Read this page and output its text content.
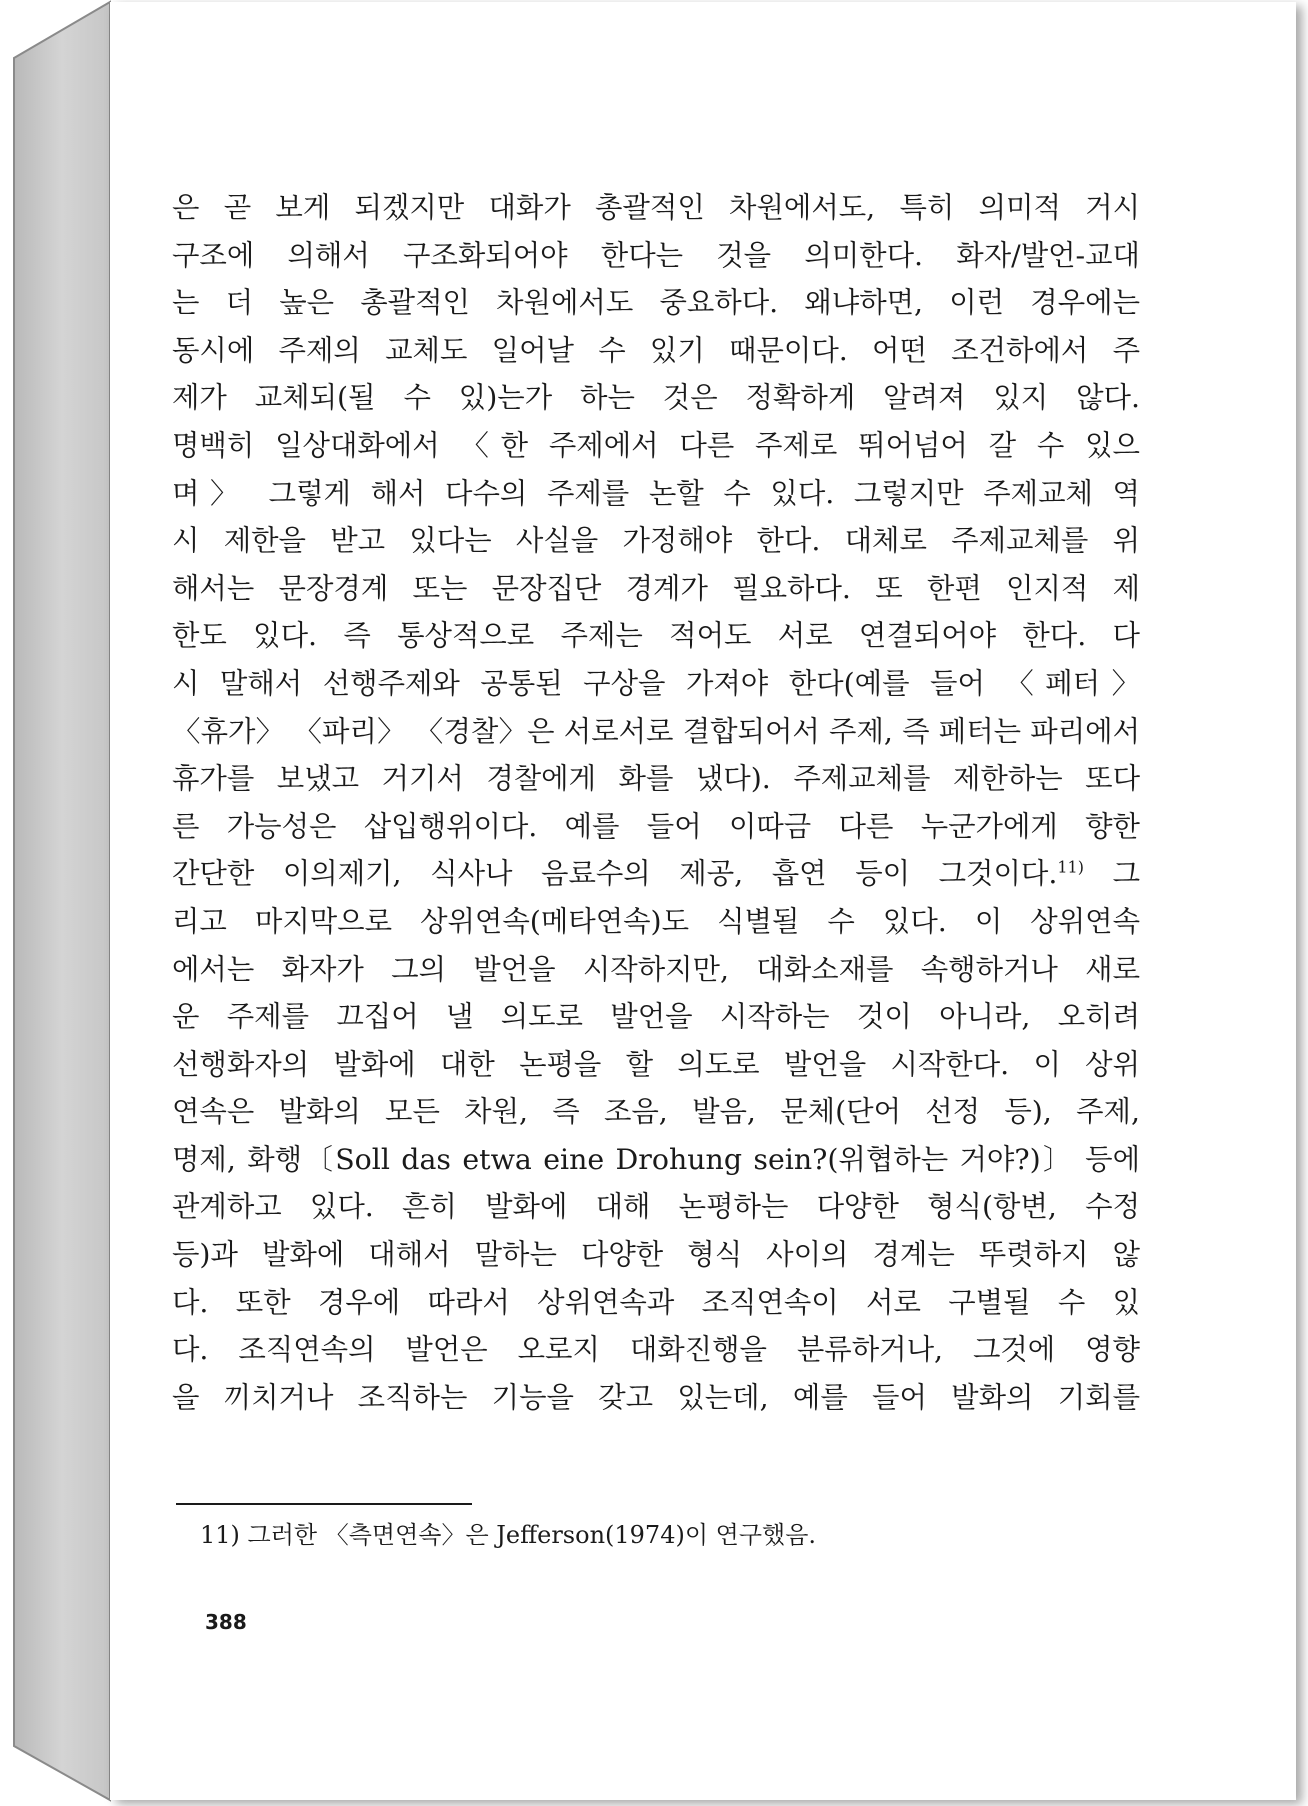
은 곧 보게 되겠지만 대화가 총괄적인 차원에서도, 특히 의미적 거시
구조에 의해서 구조화되어야 한다는 것을 의미한다. 화자/발언-교대
는 더 높은 총괄적인 차원에서도 중요하다. 왜냐하면, 이런 경우에는
동시에 주제의 교체도 일어날 수 있기 때문이다. 어떤 조건하에서 주
제가 교체되(될 수 있)는가 하는 것은 정확하게 알려져 있지 않다.
명백히 일상대화에서 〈한 주제에서 다른 주제로 뛰어넘어 갈 수 있으
며〉 그렇게 해서 다수의 주제를 논할 수 있다. 그렇지만 주제교체 역
시 제한을 받고 있다는 사실을 가정해야 한다. 대체로 주제교체를 위
해서는 문장경계 또는 문장집단 경계가 필요하다. 또 한편 인지적 제
한도 있다. 즉 통상적으로 주제는 적어도 서로 연결되어야 한다. 다
시 말해서 선행주제와 공통된 구상을 가져야 한다(예를 들어 〈페터〉
〈휴가〉 〈파리〉 〈경찰〉은 서로서로 결합되어서 주제, 즉 페터는 파리에서
휴가를 보냈고 거기서 경찰에게 화를 냈다). 주제교체를 제한하는 또다
른 가능성은 삽입행위이다. 예를 들어 이따금 다른 누군가에게 향한
간단한 이의제기, 식사나 음료수의 제공, 흡연 등이 그것이다.$^{11)}$ 그
리고 마지막으로 상위연속(메타연속)도 식별될 수 있다. 이 상위연속
에서는 화자가 그의 발언을 시작하지만, 대화소재를 속행하거나 새로
운 주제를 끄집어 낼 의도로 발언을 시작하는 것이 아니라, 오히려
선행화자의 발화에 대한 논평을 할 의도로 발언을 시작한다. 이 상위
연속은 발화의 모든 차원, 즉 조음, 발음, 문체(단어 선정 등), 주제,
명제, 화행〔Soll das etwa eine Drohung sein?(위협하는 거야?)〕 등에
관계하고 있다. 흔히 발화에 대해 논평하는 다양한 형식(항변, 수정
등)과 발화에 대해서 말하는 다양한 형식 사이의 경계는 뚜렷하지 않
다. 또한 경우에 따라서 상위연속과 조직연속이 서로 구별될 수 있
다. 조직연속의 발언은 오로지 대화진행을 분류하거나, 그것에 영향
을 끼치거나 조직하는 기능을 갖고 있는데, 예를 들어 발화의 기회를
11) 그러한 〈측면연속〉은 Jefferson(1974)이 연구했음.
388
